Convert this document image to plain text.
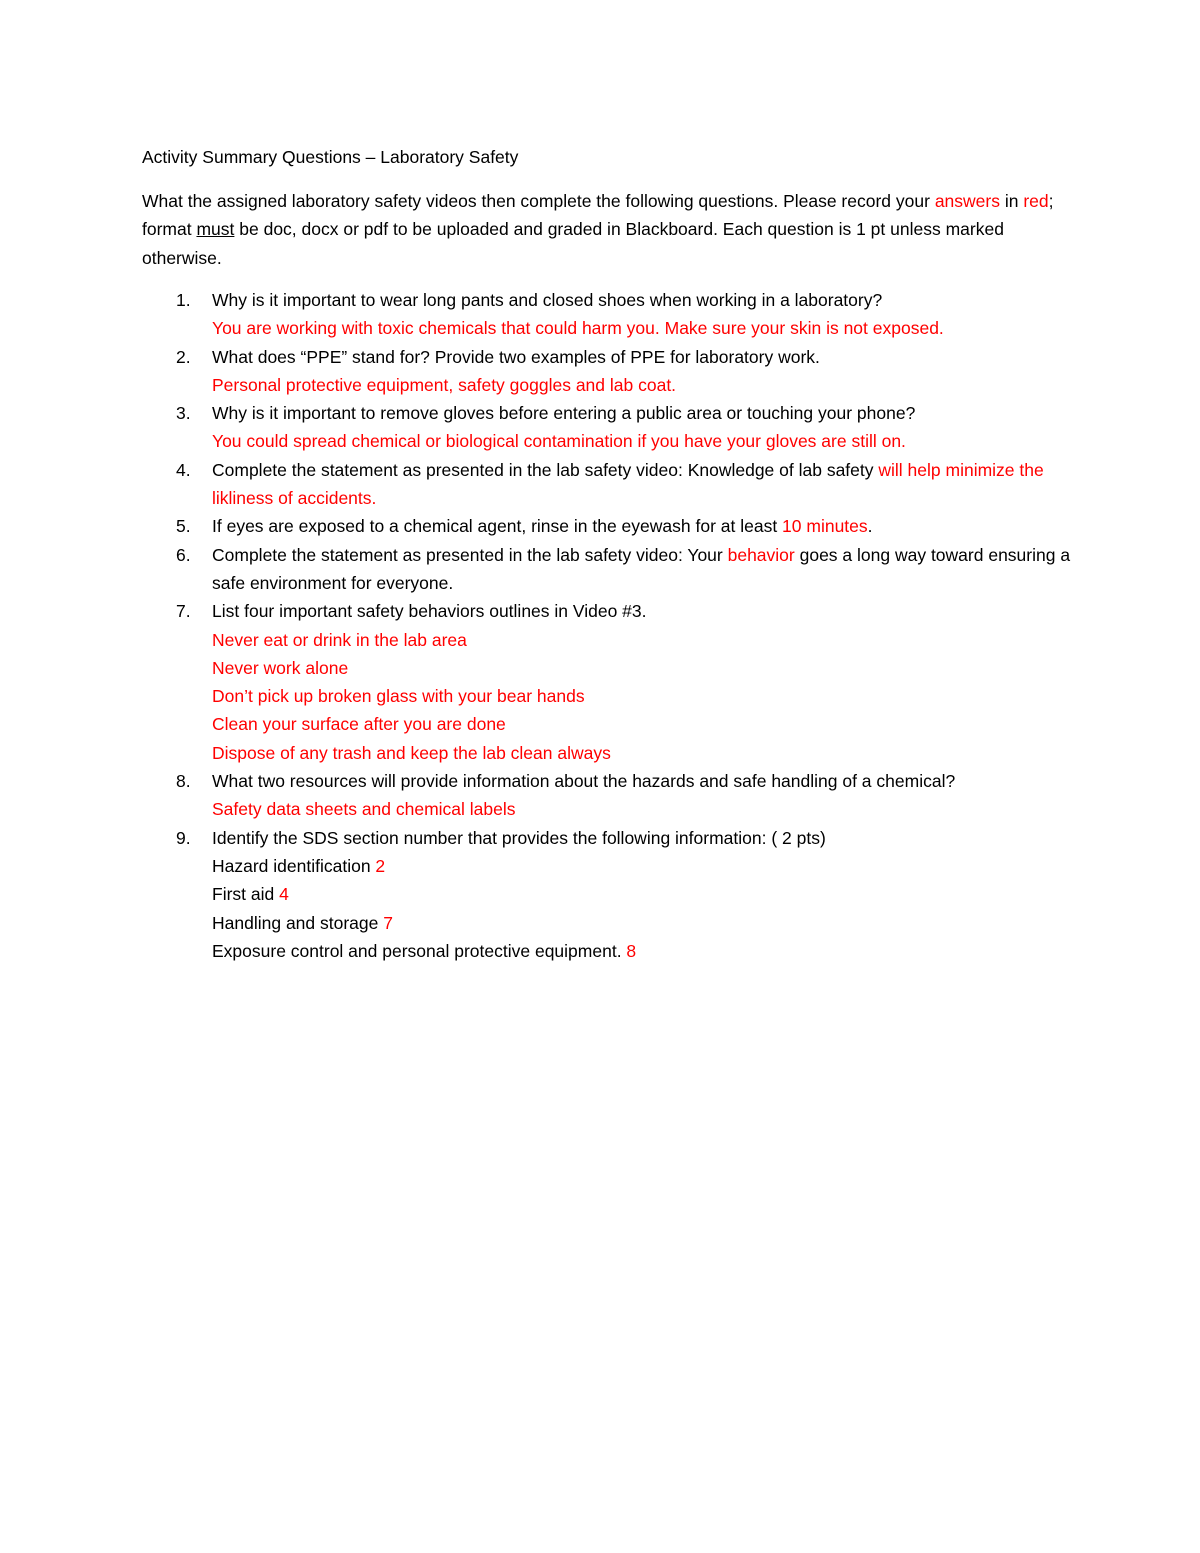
Activity Summary Questions – Laboratory Safety
What the assigned laboratory safety videos then complete the following questions. Please record your answers in red; format must be doc, docx or pdf to be uploaded and graded in Blackboard. Each question is 1 pt unless marked otherwise.
1. Why is it important to wear long pants and closed shoes when working in a laboratory?
You are working with toxic chemicals that could harm you. Make sure your skin is not exposed.
2. What does “PPE” stand for? Provide two examples of PPE for laboratory work.
Personal protective equipment, safety goggles and lab coat.
3. Why is it important to remove gloves before entering a public area or touching your phone?
You could spread chemical or biological contamination if you have your gloves are still on.
4. Complete the statement as presented in the lab safety video: Knowledge of lab safety will help minimize the likliness of accidents.
5. If eyes are exposed to a chemical agent, rinse in the eyewash for at least 10 minutes.
6. Complete the statement as presented in the lab safety video: Your behavior goes a long way toward ensuring a safe environment for everyone.
7. List four important safety behaviors outlines in Video #3.
Never eat or drink in the lab area
Never work alone
Don’t pick up broken glass with your bear hands
Clean your surface after you are done
Dispose of any trash and keep the lab clean always
8. What two resources will provide information about the hazards and safe handling of a chemical?
Safety data sheets and chemical labels
9. Identify the SDS section number that provides the following information: ( 2 pts)
Hazard identification 2
First aid 4
Handling and storage 7
Exposure control and personal protective equipment. 8
